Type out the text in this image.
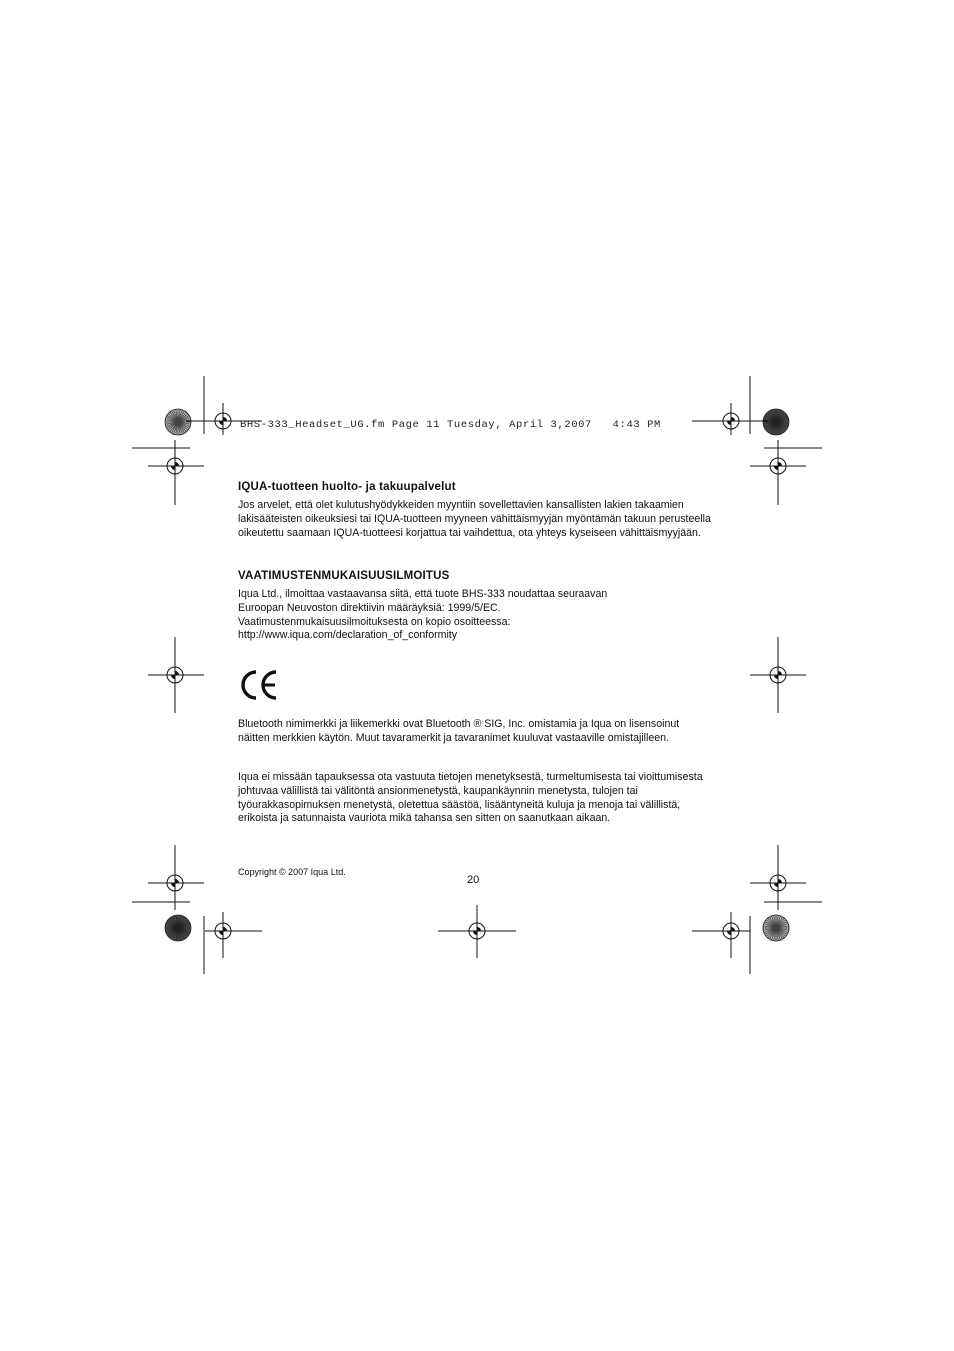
BHS-333_Headset_UG.fm Page 11 Tuesday, April 3,2007   4:43 PM
IQUA-tuotteen huolto- ja takuupalvelut

Jos arvelet, että olet kulutushyödykkeiden myyntiin sovellettavien kansallisten lakien takaamien lakisääteisten oikeuksiesi tai IQUA-tuotteen myyneen vähittäismyyjän myöntämän takuun perusteella oikeutettu saamaan IQUA-tuotteesi korjattua tai vaihdettua, ota yhteys kyseiseen vähittäismyyjään.

VAATIMUSTENMUKAISUUSILMOITUS

Iqua Ltd., ilmoittaa vastaavansa siitä, että tuote BHS-333 noudattaa seuraavan

Euroopan Neuvoston direktiivin määräyksiä: 1999/5/EC.

Vaatimustenmukaisuusilmoituksesta on kopio osoitteessa:

http://www.iqua.com/declaration_of_conformity

Bluetooth nimimerkki ja liikemerkki ovat Bluetooth ® SIG, Inc. omistamia ja Iqua on lisensoinut näitten merkkien käytön. Muut tavaramerkit ja tavaranimet kuuluvat vastaaville omistajilleen.

Iqua ei missään tapauksessa ota vastuuta tietojen menetyksestä, turmeltumisesta tai vioittumisesta johtuvaa välillistä tai välitöntä ansionmenetystä, kaupankäynnin menetysta, tulojen tai työurakkasopimuksen menetystä, oletettua säästöä, lisääntyneitä kuluja ja menoja tai välillistä, erikoista ja satunnaista vauriota mikä tahansa sen sitten on saanutkaan aikaan.

Copyright © 2007 Iqua Ltd.
20
